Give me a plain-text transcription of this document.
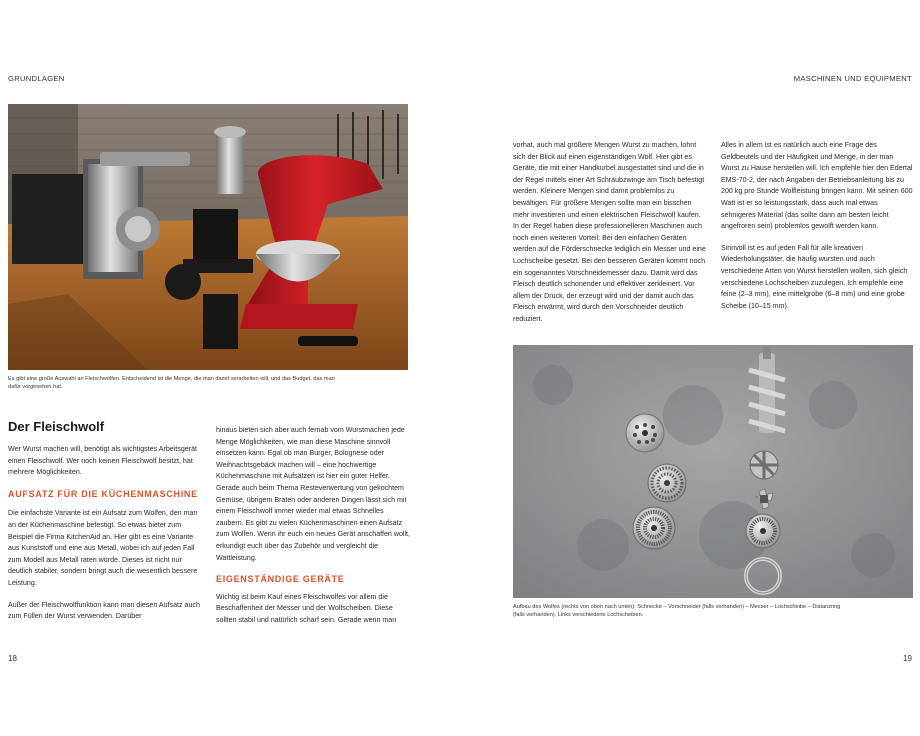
GRUNDLAGEN
Es gibt eine große Auswahl an Fleischwölfen. Entscheidend ist die Menge, die man damit verarbeiten will, und das Budget, das man dafür vorgesehen hat.
Der Fleischwolf

Wer Wurst machen will, benötigt als wichtigstes Arbeitsgerät einen Fleischwolf. Wer noch keinen Fleischwolf besitzt, hat mehrere Möglichkeiten.

AUFSATZ FÜR DIE KÜCHENMASCHINE

Die einfachste Variante ist ein Aufsatz zum Wolfen, den man an der Küchenmaschine befestigt. So etwas bietet zum Beispiel die Firma KitchenAid an. Hier gibt es eine Variante aus Kunststoff und eine aus Metall, wobei ich auf jeden Fall zum Modell aus Metall raten würde. Dieses ist nicht nur deutlich stabiler, sondern bringt auch die wesentlich bessere Leistung.

Außer der Fleischwolffunktion kann man diesen Aufsatz auch zum Füllen der Wurst verwenden. Darüber

hinaus bieten sich aber auch fernab vom Wurstmachen jede Menge Möglichkeiten, wie man diese Maschine sinnvoll einsetzen kann. Egal ob man Burger, Bolognese oder Weihnachtsgebäck machen will – eine hochwertige Küchenmaschine mit Aufsätzen ist hier ein guter Helfer. Gerade auch beim Thema Resteverwertung von gekochtem Gemüse, übrigem Braten oder anderen Dingen lässt sich mit einem Fleischwolf immer wieder mal etwas Schnelles zaubern. Es gibt zu vielen Küchenmaschinen einen Aufsatz zum Wolfen. Wenn ihr euch ein neues Gerät anschaffen wollt, erkundigt euch über das Zubehör und vergleicht die Wattleistung.

EIGENSTÄNDIGE GERÄTE

Wichtig ist beim Kauf eines Fleischwolfes vor allem die Beschaffenheit der Messer und der Wolfscheiben. Diese sollten stabil und natürlich scharf sein. Gerade wenn man

18
MASCHINEN UND EQUIPMENT

vorhat, auch mal größere Mengen Wurst zu machen, lohnt sich der Blick auf einen eigenständigen Wolf. Hier gibt es Geräte, die mit einer Handkurbel ausgestattet sind und die in der Regel mittels einer Art Schraubzwinge am Tisch befestigt werden. Kleinere Mengen sind damit problemlos zu bewältigen. Für größere Mengen sollte man ein bisschen mehr investieren und einen elektrischen Fleischwolf kaufen. In der Regel haben diese professionelleren Maschinen auch noch einen weiteren Vorteil: Bei den einfachen Geräten werden auf die Förderschnecke lediglich ein Messer und eine Lochscheibe gesetzt. Bei den besseren Geräten kommt noch ein sogenanntes Vorschneidemesser dazu. Damit wird das Fleisch deutlich schonender und effektiver zerkleinert. Vor allem der Druck, der erzeugt wird und der damit auch das Fleisch erwärmt, wird durch den Vorschneider deutlich reduziert.

Alles in allem ist es natürlich auch eine Frage des Geldbeutels und der Häufigkeit und Menge, in der man Wurst zu Hause herstellen will. Ich empfehle hier den Edertal EMS-70-2, der nach Angaben der Betriebsanleitung bis zu 200 kg pro Stunde Wolfleistung bringen kann. Mit seinen 600 Watt ist er so leistungsstark, dass auch mal etwas sehnigeres Material (das sollte dann am besten leicht angefroren sein) problemlos gewolft werden kann.

Sinnvoll ist es auf jeden Fall für alle kreativen Wiederholungstäter, die häufig wursten und auch verschiedene Arten von Wurst herstellen wollen, sich gleich verschiedene Lochscheiben zuzulegen. Ich empfehle eine feine (2–3 mm), eine mittelgrobe (6–8 mm) und eine grobe Scheibe (10–15 mm).

Aufbau des Wolfes (rechts von oben nach unten): Schnecke – Vorschneider (falls vorhanden) – Messer – Lochscheibe – Distanzring (falls vorhanden). Links verschiedene Lochscheiben.
19
